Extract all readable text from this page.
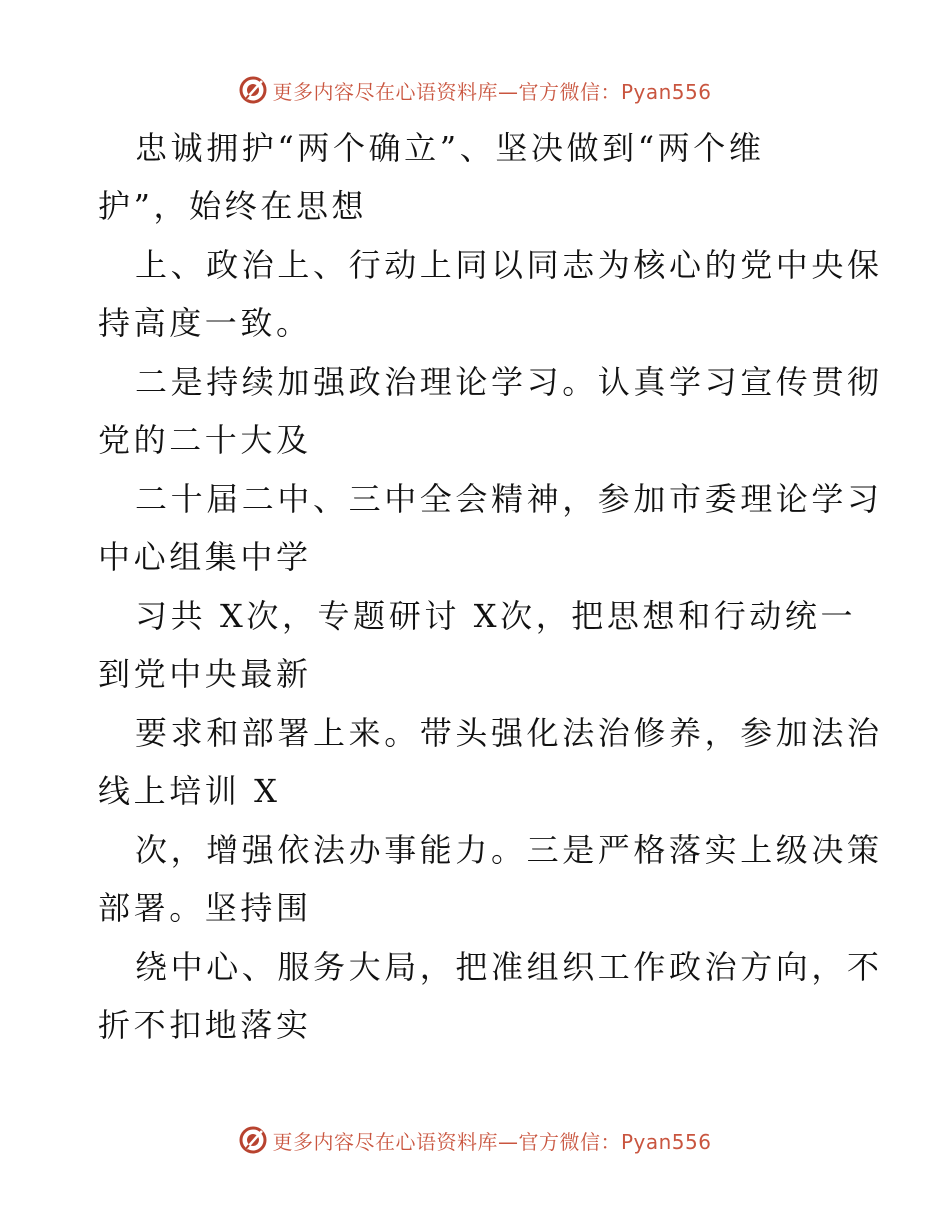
更多内容尽在心语资料库—官方微信：Pyan556
忠诚拥护“两个确立”、坚决做到“两个维
护”，始终在思想
上、政治上、行动上同以同志为核心的党中央保
持高度一致。
二是持续加强政治理论学习。认真学习宣传贯彻
党的二十大及
二十届二中、三中全会精神，参加市委理论学习
中心组集中学
习共 X次，专题研讨 X次，把思想和行动统一
到党中央最新
要求和部署上来。带头强化法治修养，参加法治
线上培训 X
次，增强依法办事能力。三是严格落实上级决策
部署。坚持围
绕中心、服务大局，把准组织工作政治方向，不
折不扣地落实
更多内容尽在心语资料库—官方微信：Pyan556
